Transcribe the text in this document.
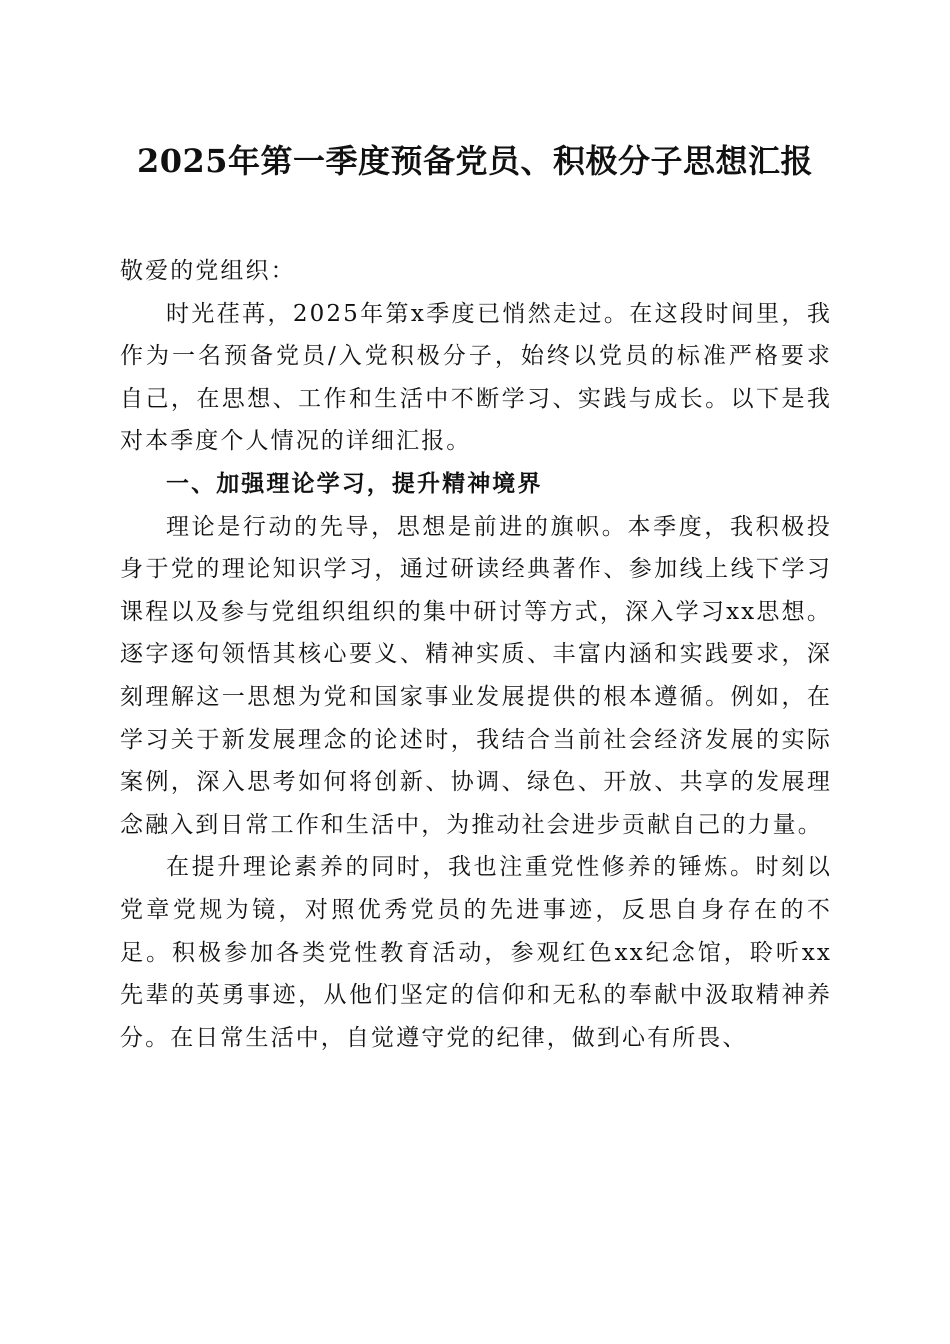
2025年第一季度预备党员、积极分子思想汇报

敬爱的党组织：

时光荏苒，2025年第x季度已悄然走过。在这段时间里，我作为一名预备党员/入党积极分子，始终以党员的标准严格要求自己，在思想、工作和生活中不断学习、实践与成长。以下是我对本季度个人情况的详细汇报。

一、加强理论学习，提升精神境界

理论是行动的先导，思想是前进的旗帜。本季度，我积极投身于党的理论知识学习，通过研读经典著作、参加线上线下学习课程以及参与党组织组织的集中研讨等方式，深入学习xx思想。逐字逐句领悟其核心要义、精神实质、丰富内涵和实践要求，深刻理解这一思想为党和国家事业发展提供的根本遵循。例如，在学习关于新发展理念的论述时，我结合当前社会经济发展的实际案例，深入思考如何将创新、协调、绿色、开放、共享的发展理念融入到日常工作和生活中，为推动社会进步贡献自己的力量。

在提升理论素养的同时，我也注重党性修养的锤炼。时刻以党章党规为镜，对照优秀党员的先进事迹，反思自身存在的不足。积极参加各类党性教育活动，参观红色xx纪念馆，聆听xx先辈的英勇事迹，从他们坚定的信仰和无私的奉献中汲取精神养分。在日常生活中，自觉遵守党的纪律，做到心有所畏、
